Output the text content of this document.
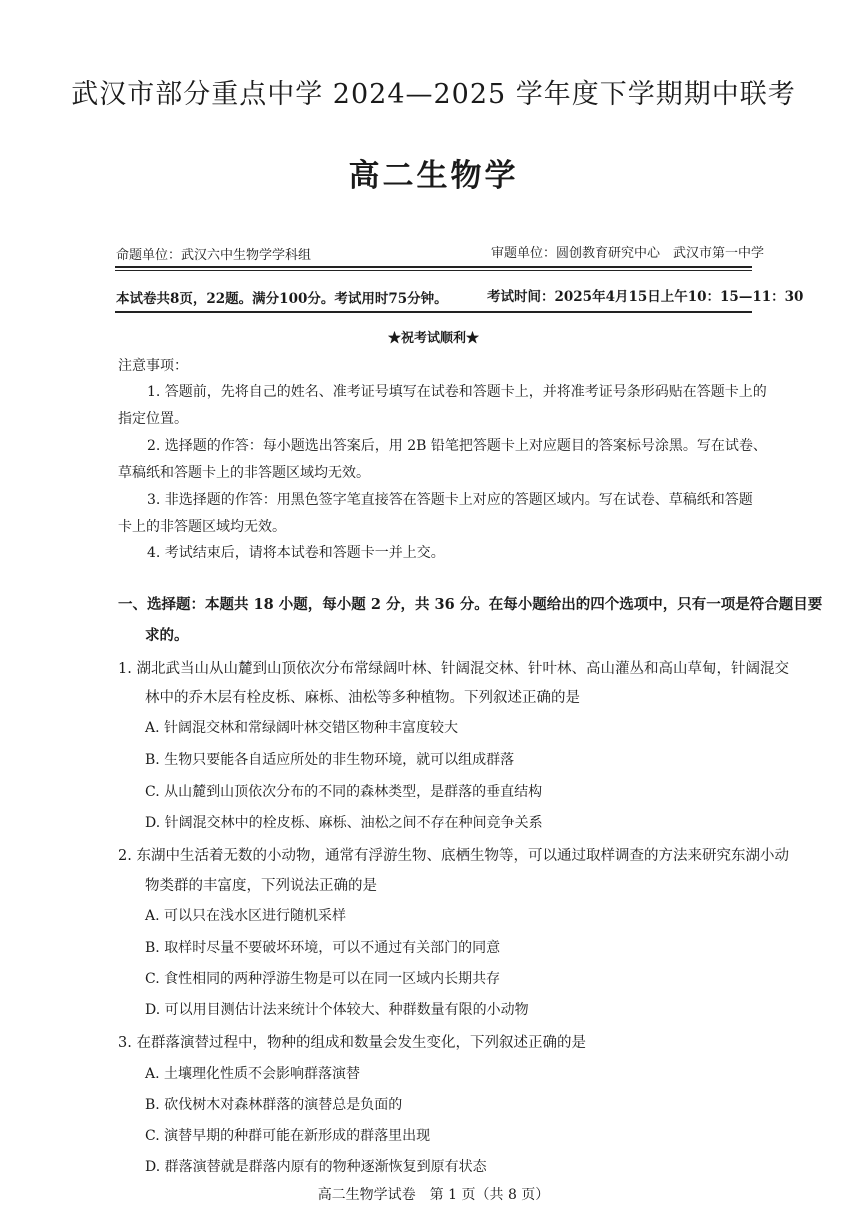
武汉市部分重点中学 2024—2025 学年度下学期期中联考
高二生物学
命题单位：武汉六中生物学学科组	审题单位：圆创教育研究中心　武汉市第一中学
本试卷共8页，22题。满分100分。考试用时75分钟。	考试时间：2025年4月15日上午10：15—11：30
★祝考试顺利★
注意事项：
1. 答题前，先将自己的姓名、准考证号填写在试卷和答题卡上，并将准考证号条形码贴在答题卡上的
指定位置。
2. 选择题的作答：每小题选出答案后，用 2B 铅笔把答题卡上对应题目的答案标号涂黑。写在试卷、
草稿纸和答题卡上的非答题区域均无效。
3. 非选择题的作答：用黑色签字笔直接答在答题卡上对应的答题区域内。写在试卷、草稿纸和答题
卡上的非答题区域均无效。
4. 考试结束后，请将本试卷和答题卡一并上交。
一、选择题：本题共 18 小题，每小题 2 分，共 36 分。在每小题给出的四个选项中，只有一项是符合题目要
求的。
1. 湖北武当山从山麓到山顶依次分布常绿阔叶林、针阔混交林、针叶林、高山灌丛和高山草甸，针阔混交
林中的乔木层有栓皮栎、麻栎、油松等多种植物。下列叙述正确的是
A. 针阔混交林和常绿阔叶林交错区物种丰富度较大
B. 生物只要能各自适应所处的非生物环境，就可以组成群落
C. 从山麓到山顶依次分布的不同的森林类型，是群落的垂直结构
D. 针阔混交林中的栓皮栎、麻栎、油松之间不存在种间竞争关系
2. 东湖中生活着无数的小动物，通常有浮游生物、底栖生物等，可以通过取样调查的方法来研究东湖小动
物类群的丰富度，下列说法正确的是
A. 可以只在浅水区进行随机采样
B. 取样时尽量不要破坏环境，可以不通过有关部门的同意
C. 食性相同的两种浮游生物是可以在同一区域内长期共存
D. 可以用目测估计法来统计个体较大、种群数量有限的小动物
3. 在群落演替过程中，物种的组成和数量会发生变化，下列叙述正确的是
A. 土壤理化性质不会影响群落演替
B. 砍伐树木对森林群落的演替总是负面的
C. 演替早期的种群可能在新形成的群落里出现
D. 群落演替就是群落内原有的物种逐渐恢复到原有状态
高二生物学试卷　第 1 页（共 8 页）
